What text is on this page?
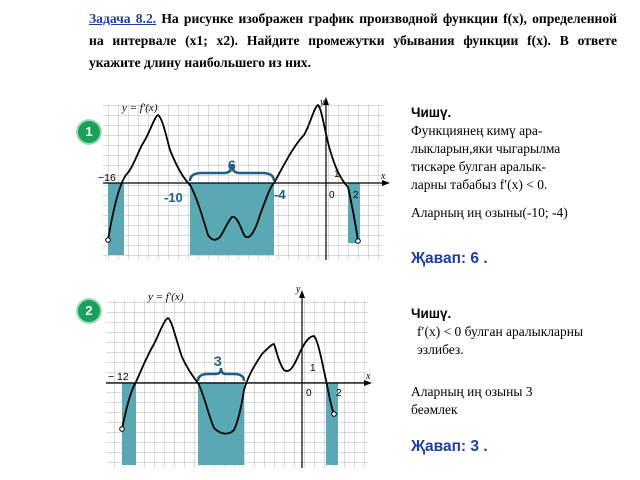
Задача 8.2. На рисунке изображен график производной функции f(x), определенной на интервале (x1; x2). Найдите промежутки убывания функции f(x). В ответе укажите длину наибольшего из них.
6
-10	-4
−16	1
0 2
x
y
y = f′(x)
1
Чишү.
Функциянең кимү ара-
лыкларын,яки чыгарылма
тискәре булган аралык-
ларны табабыз f′(x) < 0.
Аларның иң озыны(-10; -4)
Җавап: 6 .
3
− 12
1
0 2
x
y
y = f′(x)
2	Чишү.
f′(x) < 0 булган аралыкларны эзлибез.
Аларның иң озыны 3
беәмлек
Җавап: 3 .
